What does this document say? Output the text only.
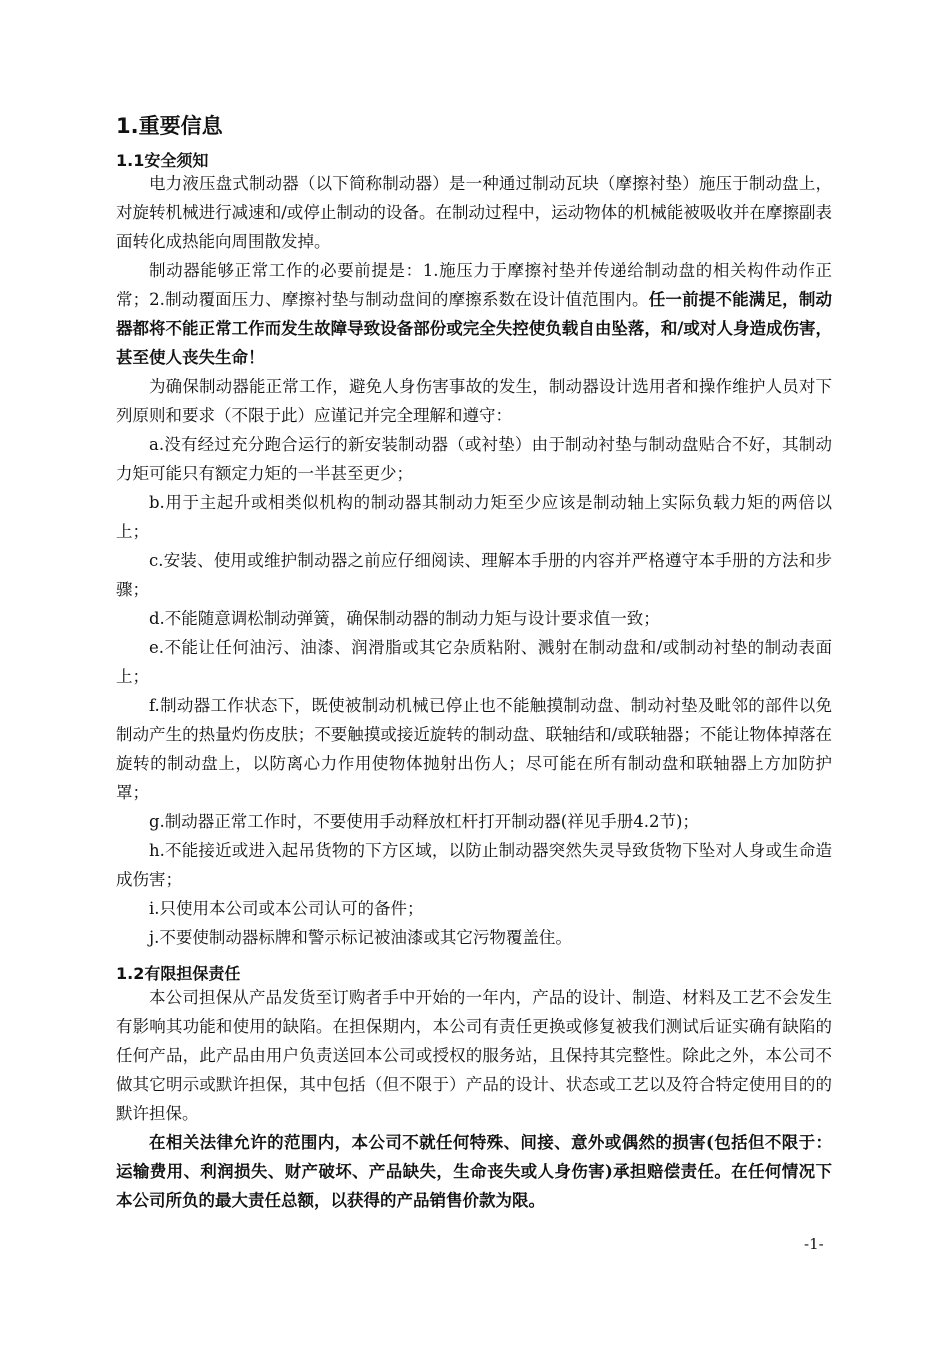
1.重要信息
1.1安全须知

电力液压盘式制动器（以下简称制动器）是一种通过制动瓦块（摩擦衬垫）施压于制动盘上，对旋转机械进行减速和/或停止制动的设备。在制动过程中，运动物体的机械能被吸收并在摩擦副表面转化成热能向周围散发掉。

制动器能够正常工作的必要前提是：1.施压力于摩擦衬垫并传递给制动盘的相关构件动作正常；2.制动覆面压力、摩擦衬垫与制动盘间的摩擦系数在设计值范围内。任一前提不能满足，制动器都将不能正常工作而发生故障导致设备部份或完全失控使负载自由坠落，和/或对人身造成伤害，甚至使人丧失生命！

为确保制动器能正常工作，避免人身伤害事故的发生，制动器设计选用者和操作维护人员对下列原则和要求（不限于此）应谨记并完全理解和遵守：

a.没有经过充分跑合运行的新安装制动器（或衬垫）由于制动衬垫与制动盘贴合不好，其制动力矩可能只有额定力矩的一半甚至更少；

b.用于主起升或相类似机构的制动器其制动力矩至少应该是制动轴上实际负载力矩的两倍以上；

c.安装、使用或维护制动器之前应仔细阅读、理解本手册的内容并严格遵守本手册的方法和步骤；

d.不能随意调松制动弹簧，确保制动器的制动力矩与设计要求值一致；

e.不能让任何油污、油漆、润滑脂或其它杂质粘附、溅射在制动盘和/或制动衬垫的制动表面上；

f.制动器工作状态下，既使被制动机械已停止也不能触摸制动盘、制动衬垫及毗邻的部件以免制动产生的热量灼伤皮肤；不要触摸或接近旋转的制动盘、联轴结和/或联轴器；不能让物体掉落在旋转的制动盘上，以防离心力作用使物体抛射出伤人；尽可能在所有制动盘和联轴器上方加防护罩；

g.制动器正常工作时，不要使用手动释放杠杆打开制动器(祥见手册4.2节)；

h.不能接近或进入起吊货物的下方区域，以防止制动器突然失灵导致货物下坠对人身或生命造成伤害；

i.只使用本公司或本公司认可的备件；

j.不要使制动器标牌和警示标记被油漆或其它污物覆盖住。

1.2有限担保责任

本公司担保从产品发货至订购者手中开始的一年内，产品的设计、制造、材料及工艺不会发生有影响其功能和使用的缺陷。在担保期内，本公司有责任更换或修复被我们测试后证实确有缺陷的任何产品，此产品由用户负责送回本公司或授权的服务站，且保持其完整性。除此之外，本公司不做其它明示或默许担保，其中包括（但不限于）产品的设计、状态或工艺以及符合特定使用目的的默许担保。

在相关法律允许的范围内，本公司不就任何特殊、间接、意外或偶然的损害(包括但不限于：运输费用、利润损失、财产破坏、产品缺失，生命丧失或人身伤害)承担赔偿责任。在任何情况下本公司所负的最大责任总额，以获得的产品销售价款为限。

-1-
